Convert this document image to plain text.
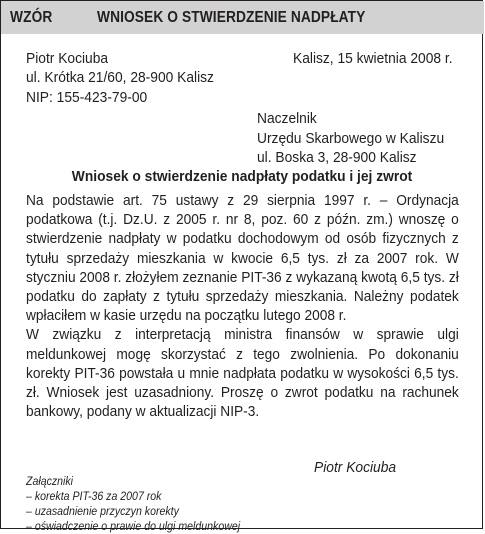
WZÓR	WNIOSEK O STWIERDZENIE NADPŁATY
Piotr Kociuba
ul. Krótka 21/60, 28-900 Kalisz
NIP: 155-423-79-00
Kalisz, 15 kwietnia 2008 r.
Naczelnik
Urzędu Skarbowego w Kaliszu
ul. Boska 3, 28-900 Kalisz
Wniosek o stwierdzenie nadpłaty podatku i jej zwrot

Na podstawie art. 75 ustawy z 29 sierpnia 1997 r. – Ordynacja podatkowa (t.j. Dz.U. z 2005 r. nr 8, poz. 60 z późn. zm.) wnoszę o stwierdzenie nadpłaty w podatku dochodowym od osób fizycznych z tytułu sprzedaży mieszkania w kwocie 6,5 tys. zł za 2007 rok. W styczniu 2008 r. złożyłem zeznanie PIT-36 z wykazaną kwotą 6,5 tys. zł podatku do zapłaty z tytułu sprzedaży mieszkania. Należny podatek wpłaciłem w kasie urzędu na początku lutego 2008 r.

W związku z interpretacją ministra finansów w sprawie ulgi meldunkowej mogę skorzystać z tego zwolnienia. Po dokonaniu korekty PIT-36 powstała u mnie nadpłata podatku w wysokości 6,5 tys. zł. Wniosek jest uzasadniony. Proszę o zwrot podatku na rachunek bankowy, podany w aktualizacji NIP-3.

Piotr Kociuba
Załączniki
– korekta PIT-36 za 2007 rok
– uzasadnienie przyczyn korekty
– oświadczenie o prawie do ulgi meldunkowej
